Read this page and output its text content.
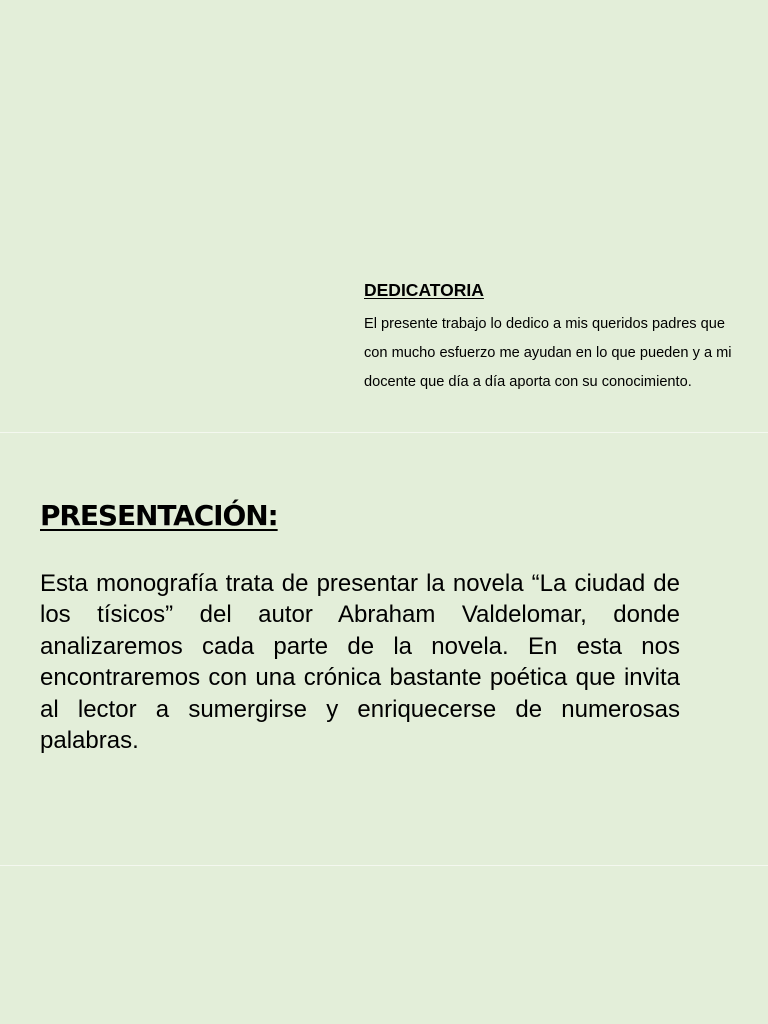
DEDICATORIA

El presente trabajo lo dedico a mis queridos padres que con mucho esfuerzo me ayudan en lo que pueden y a mi docente que día a día aporta con su conocimiento.

PRESENTACIÓN:

Esta monografía trata de presentar la novela “La ciudad de los tísicos” del autor Abraham Valdelomar, donde analizaremos cada parte de la novela. En esta nos encontraremos con una crónica bastante poética que invita al lector a sumergirse y enriquecerse de numerosas palabras.
